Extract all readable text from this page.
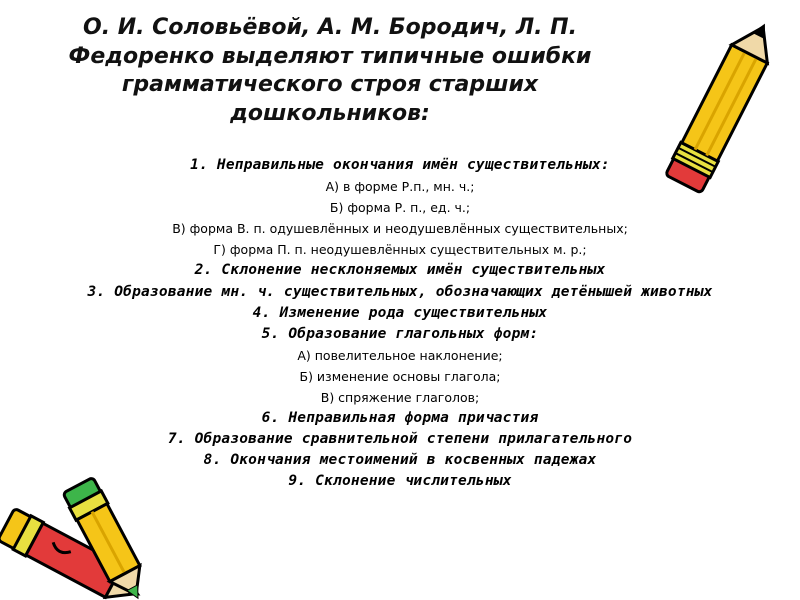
О. И. Соловьёвой, А. М. Бородич, Л. П. Федоренко выделяют типичные ошибки грамматического строя старших дошкольников:
1. Неправильные окончания имён существительных:
А) в форме Р.п., мн. ч.;
Б) форма Р. п., ед. ч.;
В) форма В. п. одушевлённых и неодушевлённых существительных;
Г) форма П. п. неодушевлённых существительных м. р.;
2. Склонение несклоняемых имён существительных
3. Образование мн. ч. существительных, обозначающих детёнышей животных
4. Изменение рода существительных
5. Образование глагольных форм:
А) повелительное наклонение;
Б) изменение основы глагола;
В) спряжение глаголов;
6. Неправильная форма причастия
7. Образование сравнительной степени прилагательного
8. Окончания местоимений в косвенных падежах
9. Склонение числительных
